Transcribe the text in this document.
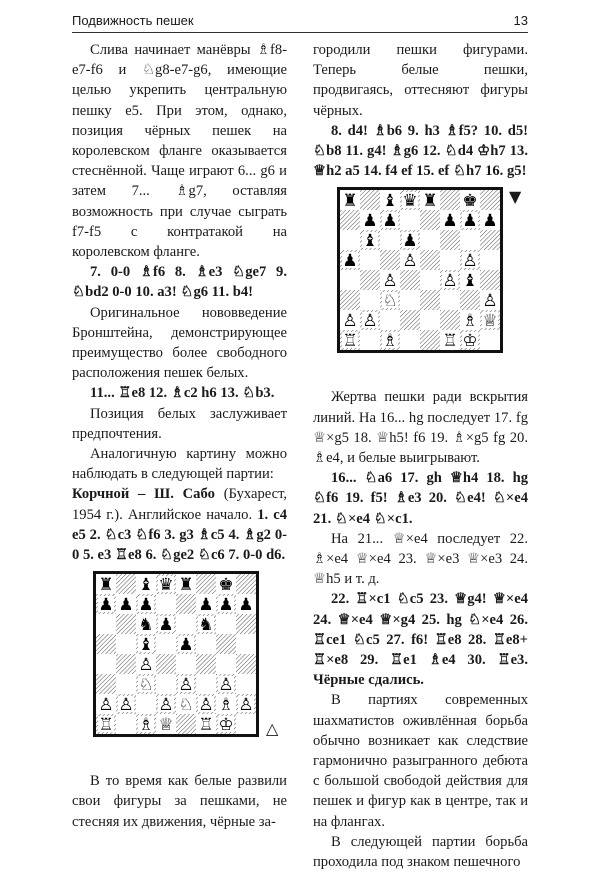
Подвижность пешек	13

Слива начинает манёвры ♗f8-e7-f6 и ♘g8-e7-g6, имеющие целью укрепить центральную пешку e5. При этом, однако, позиция чёрных пешек на королевском фланге оказывается стеснённой. Чаще играют 6... g6 и затем 7... ♗g7, оставляя возможность при случае сыграть f7-f5 с контратакой на королевском фланге.

7. 0-0 ♗f6 8. ♗e3 ♘ge7 9. ♘bd2 0-0 10. a3! ♘g6 11. b4!

Оригинальное нововведение Бронштейна, демонстрирующее преимущество более свободного расположения пешек белых.

11... ♖e8 12. ♗c2 h6 13. ♘b3.

Позиция белых заслуживает предпочтения.

Аналогичную картину можно наблюдать в следующей партии:

Корчной – Ш. Сабо (Бухарест, 1954 г.). Английское начало. 1. c4 e5 2. ♘c3 ♘f6 3. g3 ♗c5 4. ♗g2 0-0 5. e3 ♖e8 6. ♘ge2 ♘c6 7. 0-0 d6.

♜ ♝ ♛ ♜ ♚
♟ ♟ ♟	♟ ♟ ♟
♞ ♟ ♞
♝ ♟
♙
♘ ♙ ♙
♙ ♙ ♙ ♘ ♙ ♗ ♙
♖ ♗ ♕ ♖ ♔ △

В то время как белые развили свои фигуры за пешками, не стесняя их движения, чёрные за-

городили пешки фигурами. Теперь белые пешки, продвигаясь, оттесняют фигуры чёрных.

8. d4! ♗b6 9. h3 ♗f5? 10. d5! ♘b8 11. g4! ♗g6 12. ♘d4 ♔h7 13. ♕h2 a5 14. f4 ef 15. ef ♘h7 16. g5!

♜ ♝ ♛ ♜ ♚
♟
♟	♟ ♟ ♟
♝ ♟
♟	♙	♙
♙	♙ ♝
♘	♙
♙ ♙	♗ ♕
♖ ♗	♖ ♔
▼

Жертва пешки ради вскрытия линий. На 16... hg последует 17. fg ♕×g5 18. ♕h5! f6 19. ♗×g5 fg 20. ♗e4, и белые выигрывают.

16... ♘a6 17. gh ♕h4 18. hg ♘f6 19. f5! ♗e3 20. ♘e4! ♘×e4 21. ♘×e4 ♘×c1.

На 21... ♕×e4 последует 22. ♗×e4 ♕×e4 23. ♕×e3 ♕×e3 24. ♕h5 и т. д.

22. ♖×c1 ♘c5 23. ♕g4! ♕×e4 24. ♕×e4 ♕×g4 25. hg ♘×e4 26. ♖ce1 ♘c5 27. f6! ♖e8 28. ♖e8+ ♖×e8 29. ♖e1 ♗e4 30. ♖e3. Чёрные сдались.

В партиях современных шахматистов оживлённая борьба обычно возникает как следствие гармонично разыгранного дебюта с большой свободой действия для пешек и фигур как в центре, так и на флангах.

В следующей партии борьба проходила под знаком пешечного
